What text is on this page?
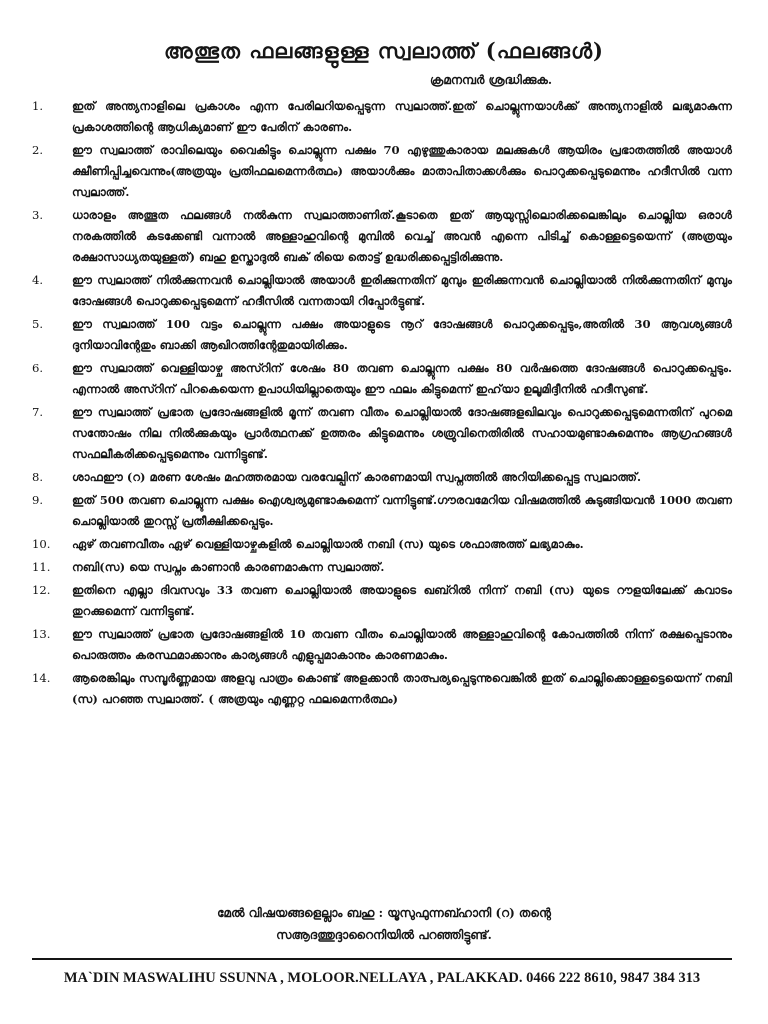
അത്ഭുത ഫലങ്ങളുള്ള സ്വലാത്ത് (ഫലങ്ങൾ)
ക്രമനമ്പർ ശ്രദ്ധിക്കുക.
1.	ഇത് അന്ത്യനാളിലെ പ്രകാശം എന്ന പേരിലറിയപ്പെടുന്ന സ്വലാത്ത്.ഇത് ചൊല്ലുന്നയാൾക്ക് അന്ത്യനാളിൽ ലഭ്യമാകുന്ന പ്രകാശത്തിന്റെ ആധിക്യമാണ് ഈ പേരിന് കാരണം.
2.	ഈ സ്വലാത്ത് രാവിലെയും വൈകിട്ടും ചൊല്ലുന്ന പക്ഷം 70 എഴുത്തുകാരായ മലക്കുകൾ ആയിരം പ്രഭാതത്തിൽ അയാൾ ക്ഷീണിപ്പിച്ചവെന്നും(അത്രയും പ്രതിഫലമെന്നർത്ഥം) അയാൾക്കും മാതാപിതാക്കൾക്കും പൊറുക്കപ്പെടുമെന്നും ഹദീസിൽ വന്ന സ്വലാത്ത്.
3.	ധാരാളം അത്ഭുത ഫലങ്ങൾ നൽകുന്ന സ്വലാത്താണിത്.കൂടാതെ ഇത് ആയുസ്സിലൊരിക്കലെങ്കിലും ചൊല്ലിയ ഒരാൾ നരകത്തിൽ കടക്കേണ്ടി വന്നാൽ അള്ളാഹുവിന്റെ മുമ്പിൽ വെച്ച് അവൻ എന്നെ പിടിച്ച് കൊള്ളട്ടെയെന്ന് (അത്രയും രക്ഷാസാധ്യതയുള്ളത്) ബഹു ഉസ്താദുൽ ബക് രിയെ തൊട്ട് ഉദ്ധരിക്കപ്പെട്ടിരിക്കുന്നു.
4.	ഈ സ്വലാത്ത് നിൽക്കുന്നവൻ ചൊല്ലിയാൽ അയാൾ ഇരിക്കുന്നതിന് മുമ്പും ഇരിക്കുന്നവൻ ചൊല്ലിയാൽ നിൽക്കുന്നതിന് മുമ്പും ദോഷങ്ങൾ പൊറുക്കപ്പെടുമെന്ന് ഹദീസിൽ വന്നതായി റിപ്പോർട്ടുണ്ട്.
5.	ഈ സ്വലാത്ത് 100 വട്ടം ചൊല്ലുന്ന പക്ഷം അയാളുടെ നൂറ് ദോഷങ്ങൾ പൊറുക്കപ്പെടും,അതിൽ 30 ആവശ്യങ്ങൾ ദുനിയാവിന്റേതും ബാക്കി ആഖിറത്തിന്റേതുമായിരിക്കും.
6.	ഈ സ്വലാത്ത് വെള്ളിയാഴ്ച അസ്റിന് ശേഷം 80 തവണ ചൊല്ലുന്ന പക്ഷം 80 വർഷത്തെ ദോഷങ്ങൾ പൊറുക്കപ്പെടും. എന്നാൽ അസ്റിന് പിറകെയെന്ന ഉപാധിയില്ലാതെയും ഈ ഫലം കിട്ടുമെന്ന് ഇഹ്‌യാ ഉലൂമിദ്ദീനിൽ ഹദീസുണ്ട്.
7.	ഈ സ്വലാത്ത് പ്രഭാത പ്രദോഷങ്ങളിൽ മൂന്ന് തവണ വീതം ചൊല്ലിയാൽ ദോഷങ്ങളഖിലവും പൊറുക്കപ്പെടുമെന്നതിന് പുറമെ സന്തോഷം നില നിൽക്കുകയും പ്രാർത്ഥനക്ക് ഉത്തരം കിട്ടുമെന്നും ശത്രുവിനെതിരിൽ സഹായമുണ്ടാകുമെന്നും ആഗ്രഹങ്ങൾ സഫലീകരിക്കപ്പെടുമെന്നും വന്നിട്ടുണ്ട്.
8.	ശാഫഈ (റ) മരണ ശേഷം മഹത്തരമായ വരവേല്പിന് കാരണമായി സ്വപ്നത്തിൽ അറിയിക്കപ്പെട്ട സ്വലാത്ത്.
9.	ഇത് 500 തവണ ചൊല്ലുന്ന പക്ഷം ഐശ്വര്യമുണ്ടാകുമെന്ന് വന്നിട്ടുണ്ട്.ഗൗരവമേറിയ വിഷമത്തിൽ കുടുങ്ങിയവൻ 1000 തവണ ചൊല്ലിയാൽ തുറസ്സ് പ്രതീക്ഷിക്കപ്പെടും.
10.	ഏഴ് തവണവീതം ഏഴ് വെള്ളിയാഴ്ചകളിൽ ചൊല്ലിയാൽ നബി (സ) യുടെ ശഫാഅത്ത് ലഭ്യമാകും.
11.	നബി(സ) യെ സ്വപ്നം കാണാൻ കാരണമാകുന്ന സ്വലാത്ത്.
12.	ഇതിനെ എല്ലാ ദിവസവും 33 തവണ ചൊല്ലിയാൽ അയാളുടെ ഖബ്റിൽ നിന്ന് നബി (സ) യുടെ റൗളയിലേക്ക് കവാടം തുറക്കുമെന്ന് വന്നിട്ടുണ്ട്.
13.	ഈ സ്വലാത്ത് പ്രഭാത പ്രദോഷങ്ങളിൽ 10 തവണ വീതം ചൊല്ലിയാൽ അള്ളാഹുവിന്റെ കോപത്തിൽ നിന്ന് രക്ഷപ്പെടാനും പൊരുത്തം കരസ്ഥമാക്കാനും കാര്യങ്ങൾ എളുപ്പമാകാനും കാരണമാകും.
14.	ആരെങ്കിലും സമ്പൂർണ്ണമായ അളവു പാത്രം കൊണ്ട് അളക്കാൻ താത്പര്യപ്പെടുന്നുവെങ്കിൽ ഇത് ചൊല്ലിക്കൊള്ളട്ടെയെന്ന് നബി (സ) പറഞ്ഞ സ്വലാത്ത്. ( അത്രയും എണ്ണറ്റ ഫലമെന്നർത്ഥം)
മേൽ വിഷയങ്ങളെല്ലാം ബഹു : യൂസുഫുന്നബ്ഹാനി (റ) തന്റെ
സആദത്തുദ്ദാറൈനിയിൽ പറഞ്ഞിട്ടുണ്ട്.
MA`DIN MASWALIHU SSUNNA , MOLOOR.NELLAYA , PALAKKAD. 0466 222 8610, 9847 384 313
